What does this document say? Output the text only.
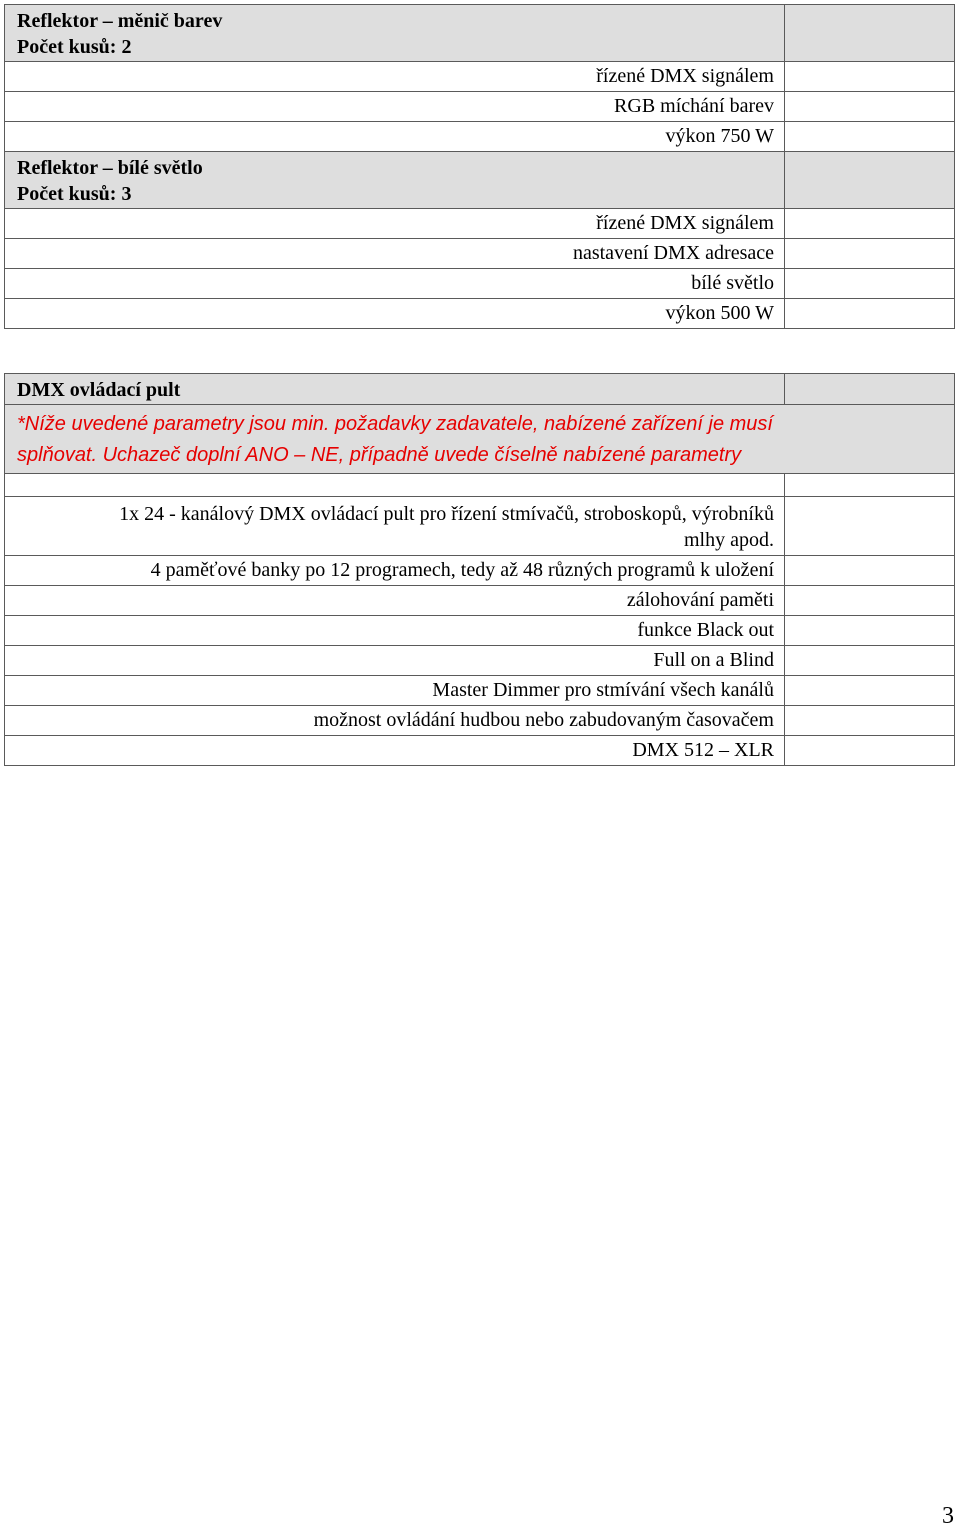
Reflektor – měnič barev
Počet kusů: 2	

řízené DMX signálem	
RGB míchání barev	
výkon 750 W	

Reflektor – bílé světlo
Počet kusů: 3	

řízené DMX signálem	
nastavení DMX adresace	
bílé světlo	
výkon 500 W	
DMX ovládací pult	

*Níže uvedené parametry jsou min. požadavky zadavatele, nabízené zařízení je musí
splňovat. Uchazeč doplní ANO – NE, případně uvede číselně nabízené parametry	

1x 24 - kanálový DMX ovládací pult pro řízení stmívačů, stroboskopů, výrobníků
mlhy apod.	

4 paměťové banky po 12 programech, tedy až 48 různých programů k uložení	
zálohování paměti	
funkce Black out	
Full on a Blind	
Master Dimmer pro stmívání všech kanálů	
možnost ovládání hudbou nebo zabudovaným časovačem	
DMX 512 – XLR	
3
